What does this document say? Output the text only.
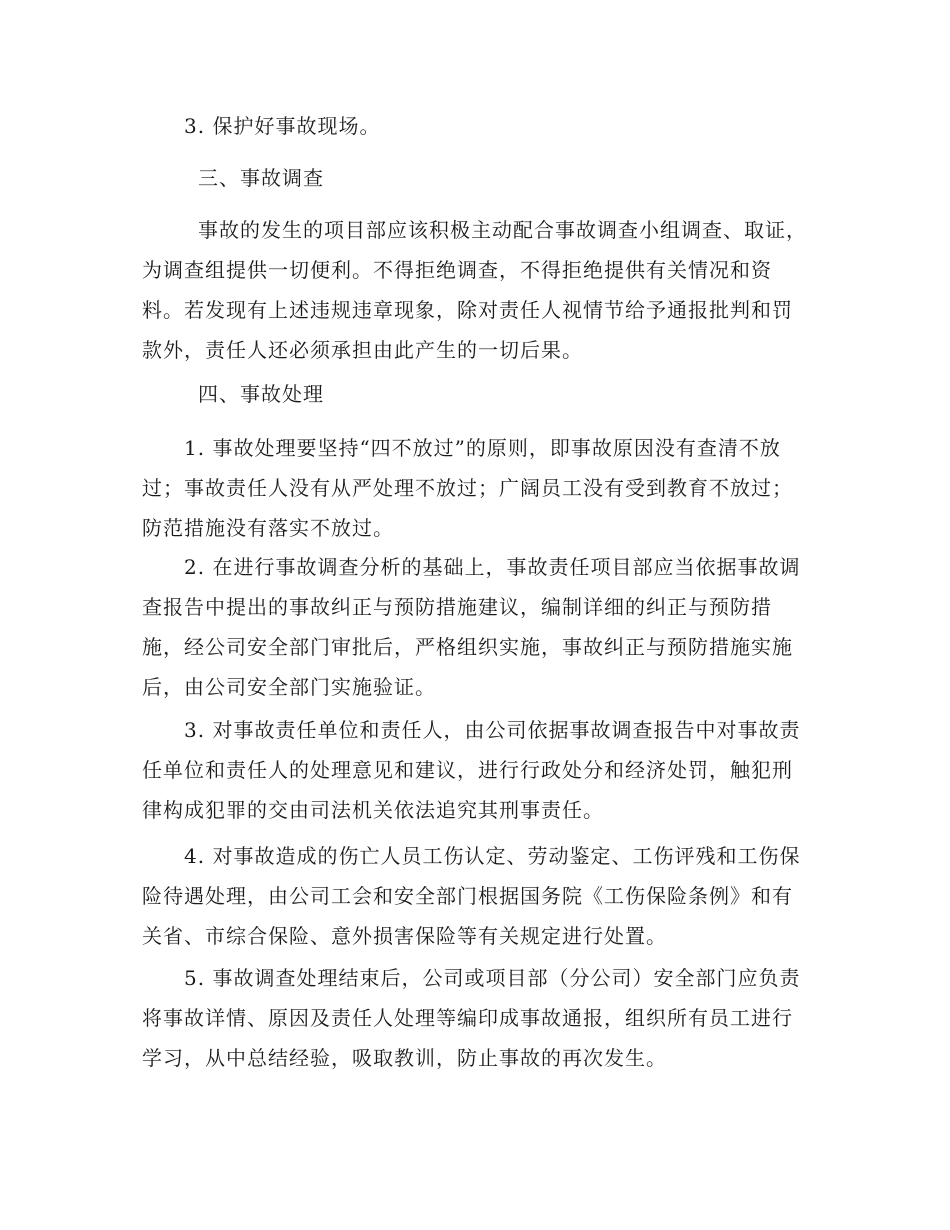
3. 保护好事故现场。

三、事故调查

事故的发生的项目部应该积极主动配合事故调查小组调查、取证，为调查组提供一切便利。不得拒绝调查，不得拒绝提供有关情况和资料。若发现有上述违规违章现象，除对责任人视情节给予通报批判和罚款外，责任人还必须承担由此产生的一切后果。

四、事故处理

1. 事故处理要坚持“四不放过”的原则，即事故原因没有查清不放过；事故责任人没有从严处理不放过；广阔员工没有受到教育不放过；防范措施没有落实不放过。

2. 在进行事故调查分析的基础上，事故责任项目部应当依据事故调查报告中提出的事故纠正与预防措施建议，编制详细的纠正与预防措施，经公司安全部门审批后，严格组织实施，事故纠正与预防措施实施后，由公司安全部门实施验证。

3. 对事故责任单位和责任人，由公司依据事故调查报告中对事故责任单位和责任人的处理意见和建议，进行行政处分和经济处罚，触犯刑律构成犯罪的交由司法机关依法追究其刑事责任。

4. 对事故造成的伤亡人员工伤认定、劳动鉴定、工伤评残和工伤保险待遇处理，由公司工会和安全部门根据国务院《工伤保险条例》和有关省、市综合保险、意外损害保险等有关规定进行处置。

5. 事故调查处理结束后，公司或项目部（分公司）安全部门应负责将事故详情、原因及责任人处理等编印成事故通报，组织所有员工进行学习，从中总结经验，吸取教训，防止事故的再次发生。
